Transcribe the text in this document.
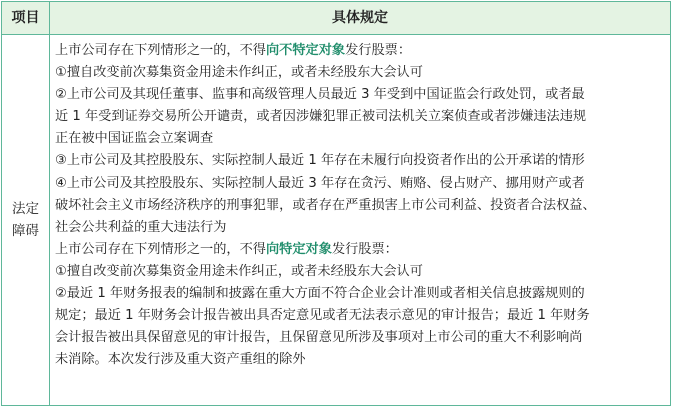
项目	具体规定
法定障碍
上市公司存在下列情形之一的，不得向不特定对象发行股票：
①擅自改变前次募集资金用途未作纠正，或者未经股东大会认可
②上市公司及其现任董事、监事和高级管理人员最近 3 年受到中国证监会行政处罚，或者最
近 1 年受到证券交易所公开谴责，或者因涉嫌犯罪正被司法机关立案侦查或者涉嫌违法违规
正在被中国证监会立案调查
③上市公司及其控股股东、实际控制人最近 1 年存在未履行向投资者作出的公开承诺的情形
④上市公司及其控股股东、实际控制人最近 3 年存在贪污、贿赂、侵占财产、挪用财产或者
破坏社会主义市场经济秩序的刑事犯罪，或者存在严重损害上市公司利益、投资者合法权益、
社会公共利益的重大违法行为
上市公司存在下列情形之一的，不得向特定对象发行股票：
①擅自改变前次募集资金用途未作纠正，或者未经股东大会认可
②最近 1 年财务报表的编制和披露在重大方面不符合企业会计准则或者相关信息披露规则的
规定；最近 1 年财务会计报告被出具否定意见或者无法表示意见的审计报告；最近 1 年财务
会计报告被出具保留意见的审计报告，且保留意见所涉及事项对上市公司的重大不利影响尚
未消除。本次发行涉及重大资产重组的除外
